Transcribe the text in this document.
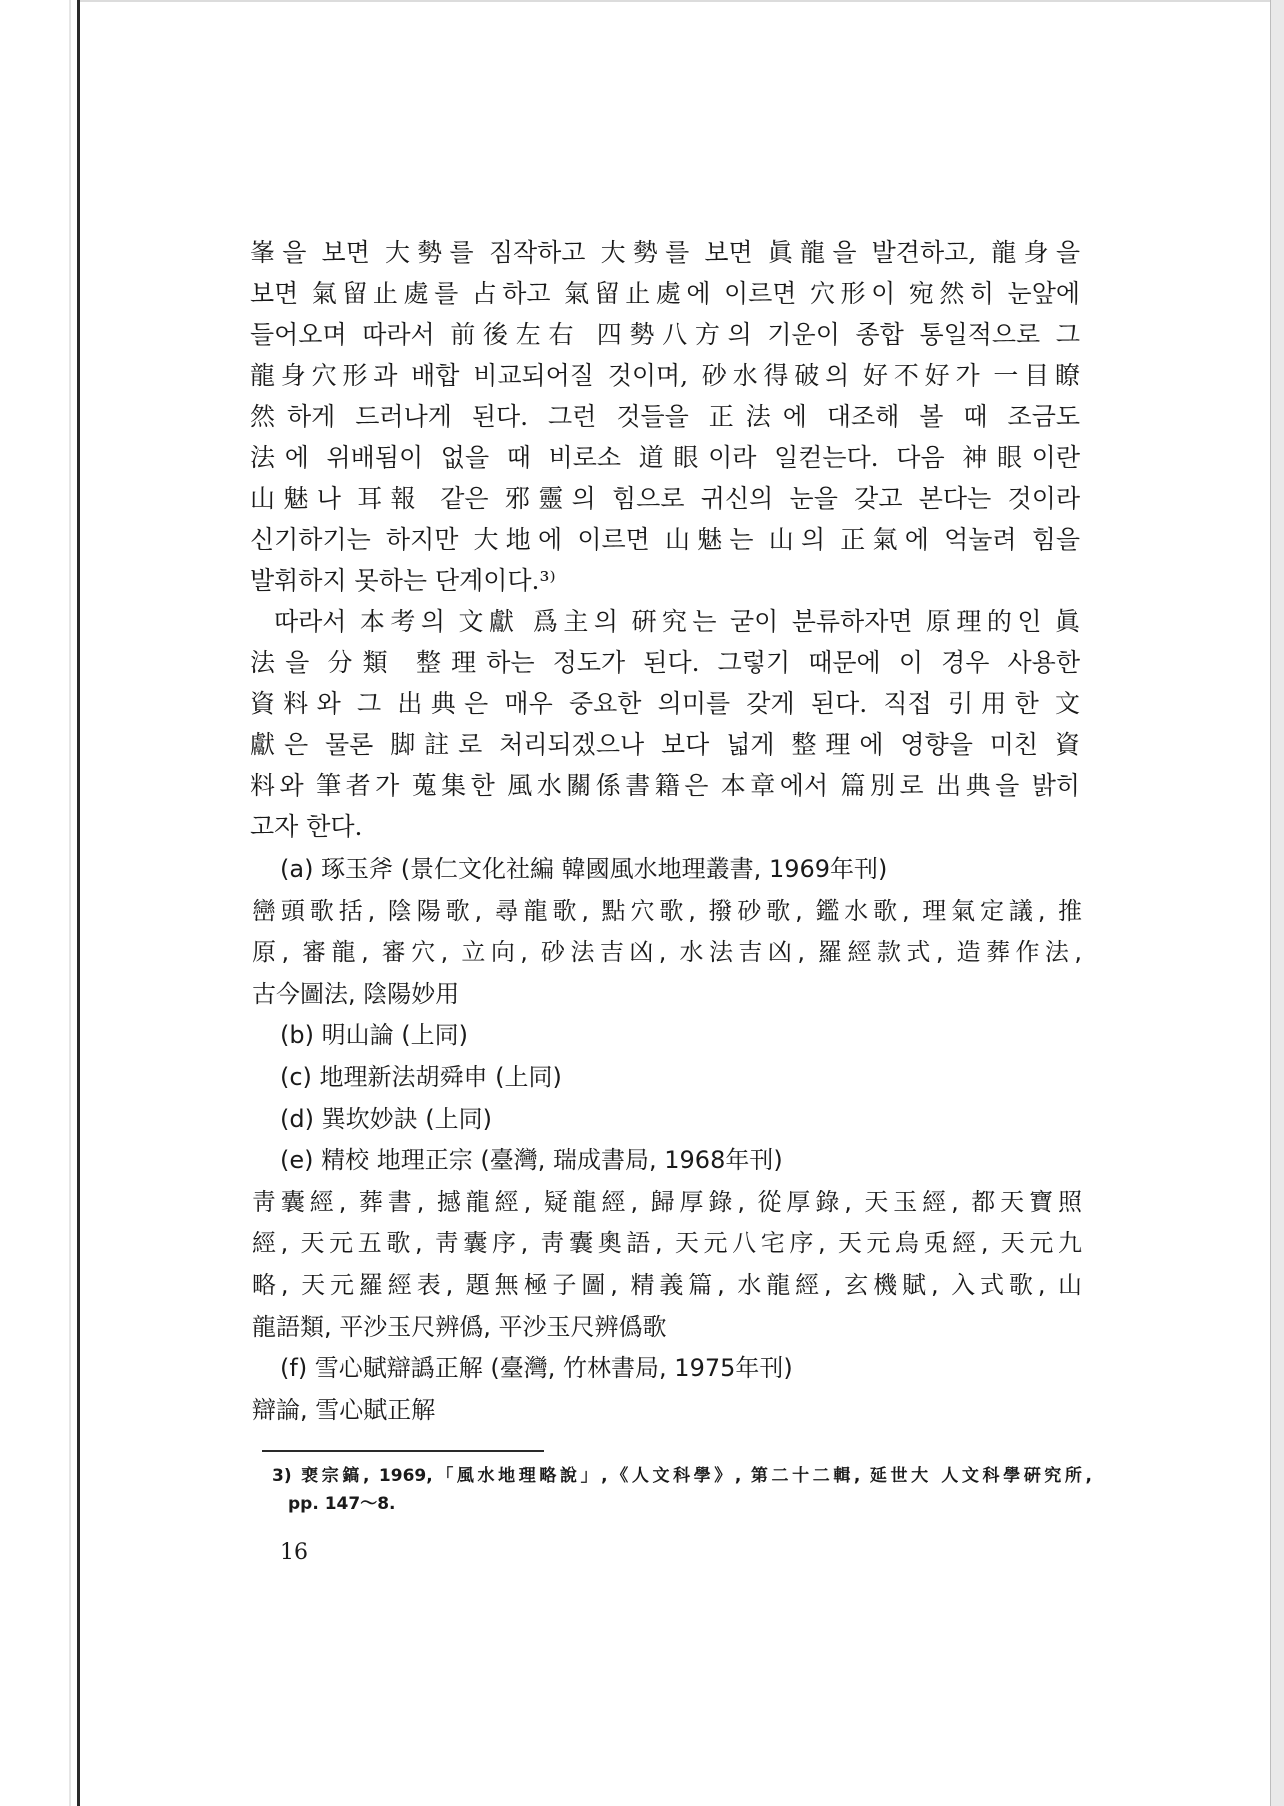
峯을 보면 大勢를 짐작하고 大勢를 보면 眞龍을 발견하고, 龍身을
보면 氣留止處를 占하고 氣留止處에 이르면 穴形이 宛然히 눈앞에
들어오며 따라서 前後左右 四勢八方의 기운이 종합 통일적으로 그
龍身穴形과 배합 비교되어질 것이며, 砂水得破의 好不好가 一目瞭
然하게 드러나게 된다. 그런 것들을 正法에 대조해 볼 때 조금도
法에 위배됨이 없을 때 비로소 道眼이라 일컫는다. 다음 神眼이란
山魅나 耳報 같은 邪靈의 힘으로 귀신의 눈을 갖고 본다는 것이라
신기하기는 하지만 大地에 이르면 山魅는 山의 正氣에 억눌려 힘을
발휘하지 못하는 단계이다.³⁾
따라서 本考의 文獻 爲主의 硏究는 굳이 분류하자면 原理的인 眞
法을 分類 整理하는 정도가 된다. 그렇기 때문에 이 경우 사용한
資料와 그 出典은 매우 중요한 의미를 갖게 된다. 직접 引用한 文
獻은 물론 脚註로 처리되겠으나 보다 넓게 整理에 영향을 미친 資
料와 筆者가 蒐集한 風水關係書籍은 本章에서 篇別로 出典을 밝히
고자 한다.
(a) 琢玉斧 (景仁文化社編 韓國風水地理叢書, 1969年刊)
巒頭歌括, 陰陽歌, 尋龍歌, 點穴歌, 撥砂歌, 鑑水歌, 理氣定議, 推
原, 審龍, 審穴, 立向, 砂法吉凶, 水法吉凶, 羅經款式, 造葬作法,
古今圖法, 陰陽妙用
(b) 明山論 (上同)
(c) 地理新法胡舜申 (上同)
(d) 巽坎妙訣 (上同)
(e) 精校 地理正宗 (臺灣, 瑞成書局, 1968年刊)
靑囊經, 葬書, 撼龍經, 疑龍經, 歸厚錄, 從厚錄, 天玉經, 都天寶照
經, 天元五歌, 靑囊序, 靑囊奧語, 天元八宅序, 天元烏兎經, 天元九
略, 天元羅經表, 題無極子圖, 精義篇, 水龍經, 玄機賦, 入式歌, 山
龍語類, 平沙玉尺辨僞, 平沙玉尺辨僞歌
(f) 雪心賦辯譌正解 (臺灣, 竹林書局, 1975年刊)
辯論, 雪心賦正解
3) 裵宗鎬, 1969,「風水地理略說」,《人文科學》, 第二十二輯, 延世大 人文科學硏究所,
pp. 147〜8.
16
